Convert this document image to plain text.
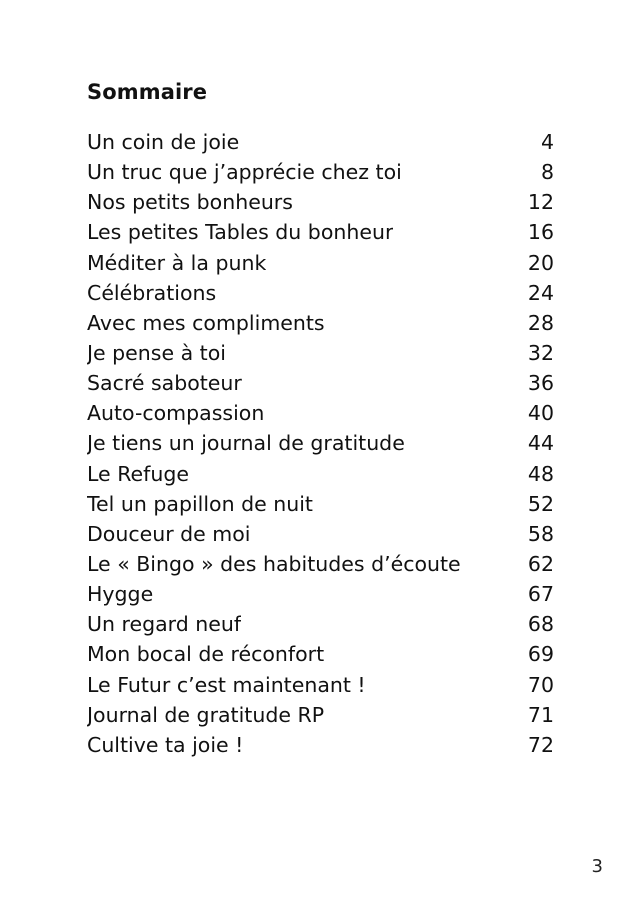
Sommaire
Un coin de joie	4
Un truc que j’apprécie chez toi	8
Nos petits bonheurs	12
Les petites Tables du bonheur	16
Méditer à la punk	20
Célébrations	24
Avec mes compliments	28
Je pense à toi	32
Sacré saboteur	36
Auto-compassion	40
Je tiens un journal de gratitude	44
Le Refuge	48
Tel un papillon de nuit	52
Douceur de moi	58
Le « Bingo » des habitudes d’écoute	62
Hygge	67
Un regard neuf	68
Mon bocal de réconfort	69
Le Futur c’est maintenant !	70
Journal de gratitude RP	71
Cultive ta joie !	72
3
